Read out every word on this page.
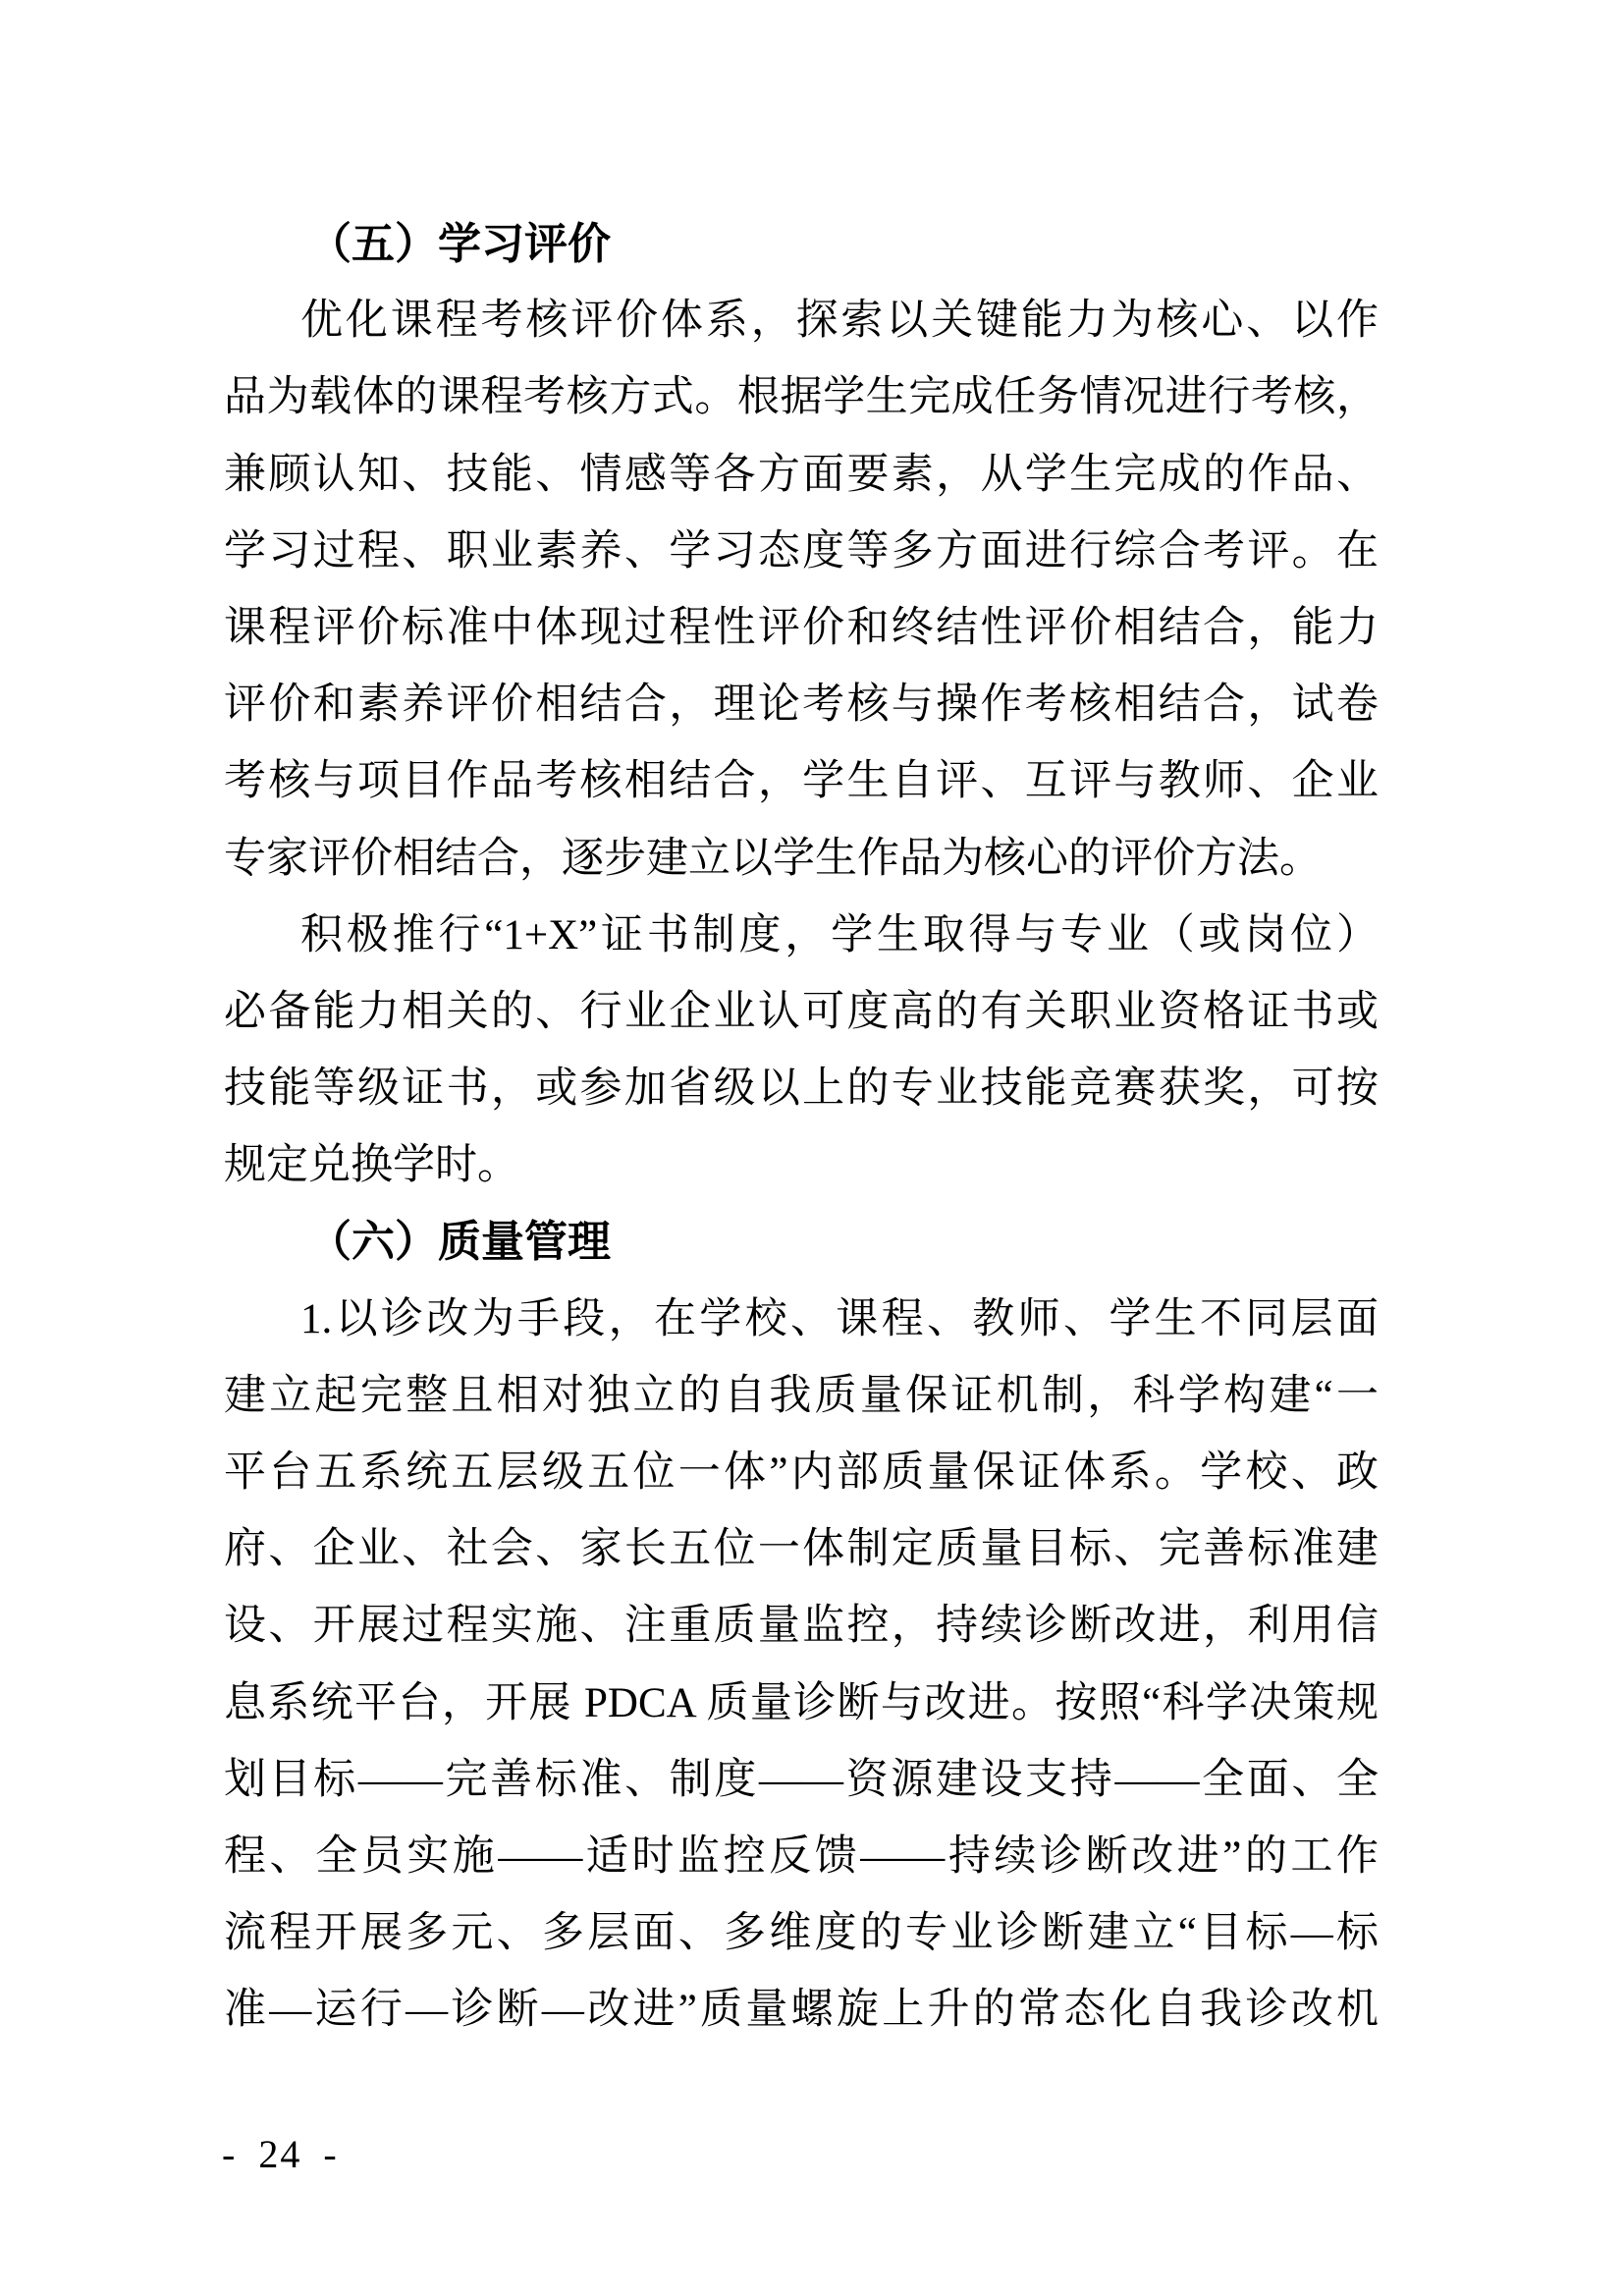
（五）学习评价
优化课程考核评价体系，探索以关键能力为核心、以作
品为载体的课程考核方式。根据学生完成任务情况进行考核，
兼顾认知、技能、情感等各方面要素，从学生完成的作品、
学习过程、职业素养、学习态度等多方面进行综合考评。在
课程评价标准中体现过程性评价和终结性评价相结合，能力
评价和素养评价相结合，理论考核与操作考核相结合，试卷
考核与项目作品考核相结合，学生自评、互评与教师、企业
专家评价相结合，逐步建立以学生作品为核心的评价方法。
积极推行“1+X”证书制度，学生取得与专业（或岗位）
必备能力相关的、行业企业认可度高的有关职业资格证书或
技能等级证书，或参加省级以上的专业技能竞赛获奖，可按
规定兑换学时。
（六）质量管理
1.以诊改为手段，在学校、课程、教师、学生不同层面
建立起完整且相对独立的自我质量保证机制，科学构建“一
平台五系统五层级五位一体”内部质量保证体系。学校、政
府、企业、社会、家长五位一体制定质量目标、完善标准建
设、开展过程实施、注重质量监控，持续诊断改进，利用信
息系统平台，开展 PDCA 质量诊断与改进。按照“科学决策规
划目标——完善标准、制度——资源建设支持——全面、全
程、全员实施——适时监控反馈——持续诊断改进”的工作
流程开展多元、多层面、多维度的专业诊断建立“目标—标
准—运行—诊断—改进”质量螺旋上升的常态化自我诊改机
- 24 -
